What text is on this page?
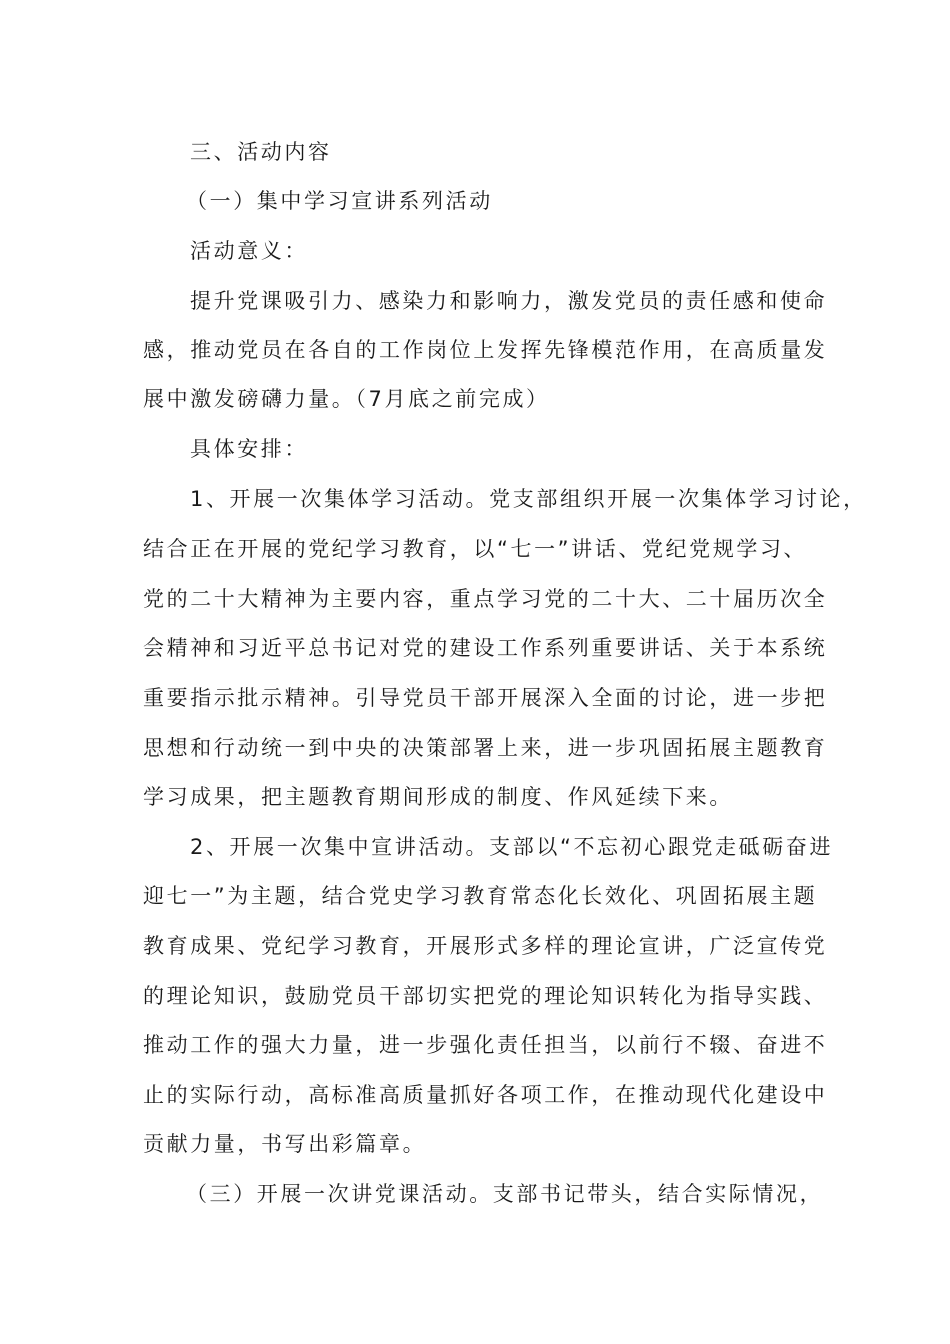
三、活动内容
（一）集中学习宣讲系列活动
活动意义：
提升党课吸引力、感染力和影响力，激发党员的责任感和使命
感，推动党员在各自的工作岗位上发挥先锋模范作用，在高质量发
展中激发磅礴力量。（7月底之前完成）
具体安排：
1、开展一次集体学习活动。党支部组织开展一次集体学习讨论，
结合正在开展的党纪学习教育，以“七一”讲话、党纪党规学习、
党的二十大精神为主要内容，重点学习党的二十大、二十届历次全
会精神和习近平总书记对党的建设工作系列重要讲话、关于本系统
重要指示批示精神。引导党员干部开展深入全面的讨论，进一步把
思想和行动统一到中央的决策部署上来，进一步巩固拓展主题教育
学习成果，把主题教育期间形成的制度、作风延续下来。
2、开展一次集中宣讲活动。支部以“不忘初心跟党走砥砺奋进
迎七一”为主题，结合党史学习教育常态化长效化、巩固拓展主题
教育成果、党纪学习教育，开展形式多样的理论宣讲，广泛宣传党
的理论知识，鼓励党员干部切实把党的理论知识转化为指导实践、
推动工作的强大力量，进一步强化责任担当，以前行不辍、奋进不
止的实际行动，高标准高质量抓好各项工作，在推动现代化建设中
贡献力量，书写出彩篇章。
（三）开展一次讲党课活动。支部书记带头，结合实际情况，
